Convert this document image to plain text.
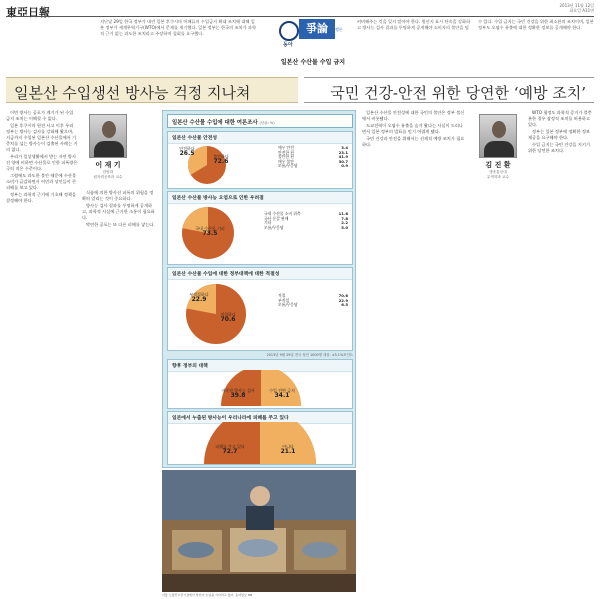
東亞日報
2013년 11월 12일
화요일 A31면
지난달 29일 한국 정부가 내린 일본 후쿠시마 어패류의 수입금지 확대 조치에 대해 일본 정부가 세계무역기구(WTO)에서 문제를 제기했다. 일본 정부는 한국의 조치가 과학적 근거 없는 과도한 조치라고 주장하며 철회를 요구했다.
동아
爭論	쟁론
일본산 수산물 수입 금지
커버해주는 것을 잊지 말아야 한다. 원산지 표시 단속을 강화하고 방사능 검사 결과를 투명하게 공개해야 소비자의 불안을 덜 수 있다. 수입 금지는 국민 건강을 위한 최소한의 조치이며, 일본 정부도 오염수 유출에 대한 정확한 정보를 공개해야 한다.
일본산 수입생선 방사능 걱정 지나쳐	국민 건강-안전 위한 당연한 ‘예방 조치’

이번 방사능 공포가 계기가 된 수입 금지 조치는 이해할 수 없다.

일본 후쿠시마 원전 사고 이후 우리 정부는 방사능 검사를 강화해 왔으며, 지금까지 수입된 일본산 수산물에서 기준치를 넘는 방사능이 검출된 사례는 거의 없다.

우리가 일상생활에서 받는 자연 방사선 양에 비하면 수산물로 인한 피폭량은 극히 적은 수준이다.

그럼에도 과도한 불안 때문에 수산물 소비가 급감하면서 어민과 상인들이 큰 피해를 보고 있다.

정부는 과학적 근거에 기초해 정책을 결정해야 한다.

이 재 기
한양대
원자력공학과 교수

식품에 의한 방사선 피폭의 위험을 정확히 알리는 것이 중요하다.

방사능 검사 결과를 투명하게 공개하고, 과학적 사실에 근거한 소통이 필요하다.

막연한 공포는 또 다른 피해를 낳는다.

일본산 수산물 수입에 대한 여론조사 (단위: %)
일본산 수산물 안전성
불안하다
72.6
안전하다
26.5
매우 안전	3.4
안전한 편	23.1
불안한 편	41.9
매우 불안	30.7
모름/무응답	0.9
일본산 수산물 방사능 오염으로 인한 우려점
국내 수산물 기피
73.5
국내 수산물 소비 위축	11.6
국산 둔갑 판매	7.8
기타	2.2
모름/무응답	5.0
일본산 수산물 수입에 대한 정부대책에 대한 적절성
적절하다
70.6
부적절하다
22.9
적절	70.6
부적절	22.9
모름/무응답	6.5
2013년 9월 29일 전국 성인 1000명 대상. ±3.1%포인트
향후 정부의 대책
지속적 방사능 검사
39.8
수입 전면 금지
34.1
일본에서 누출된 방사능이 우리나라에 피해를 주고 있다
피해를 주고 있다
72.7
아니다
21.1
서울 노량진수산시장에서 상인이 손님을 기다리고 있다. 동아일보 DB

일본산 수산물 안전성에 대한 국민의 불안은 정부 불신에서 비롯됐다.

도쿄전력이 오염수 유출을 숨겨 왔다는 사실이 드러나면서 일본 정부의 발표를 믿기 어렵게 됐다.

국민 건강과 안전을 위해서는 선제적 예방 조치가 필요하다.

김 진 환
방송통신대
무역학과 교수

WTO 협정도 과학적 증거가 불충분한 경우 잠정적 조치를 허용하고 있다.

정부는 일본 정부에 정확한 정보 제공을 요구해야 한다.

수입 금지는 국민 건강을 지키기 위한 당연한 조치다.
